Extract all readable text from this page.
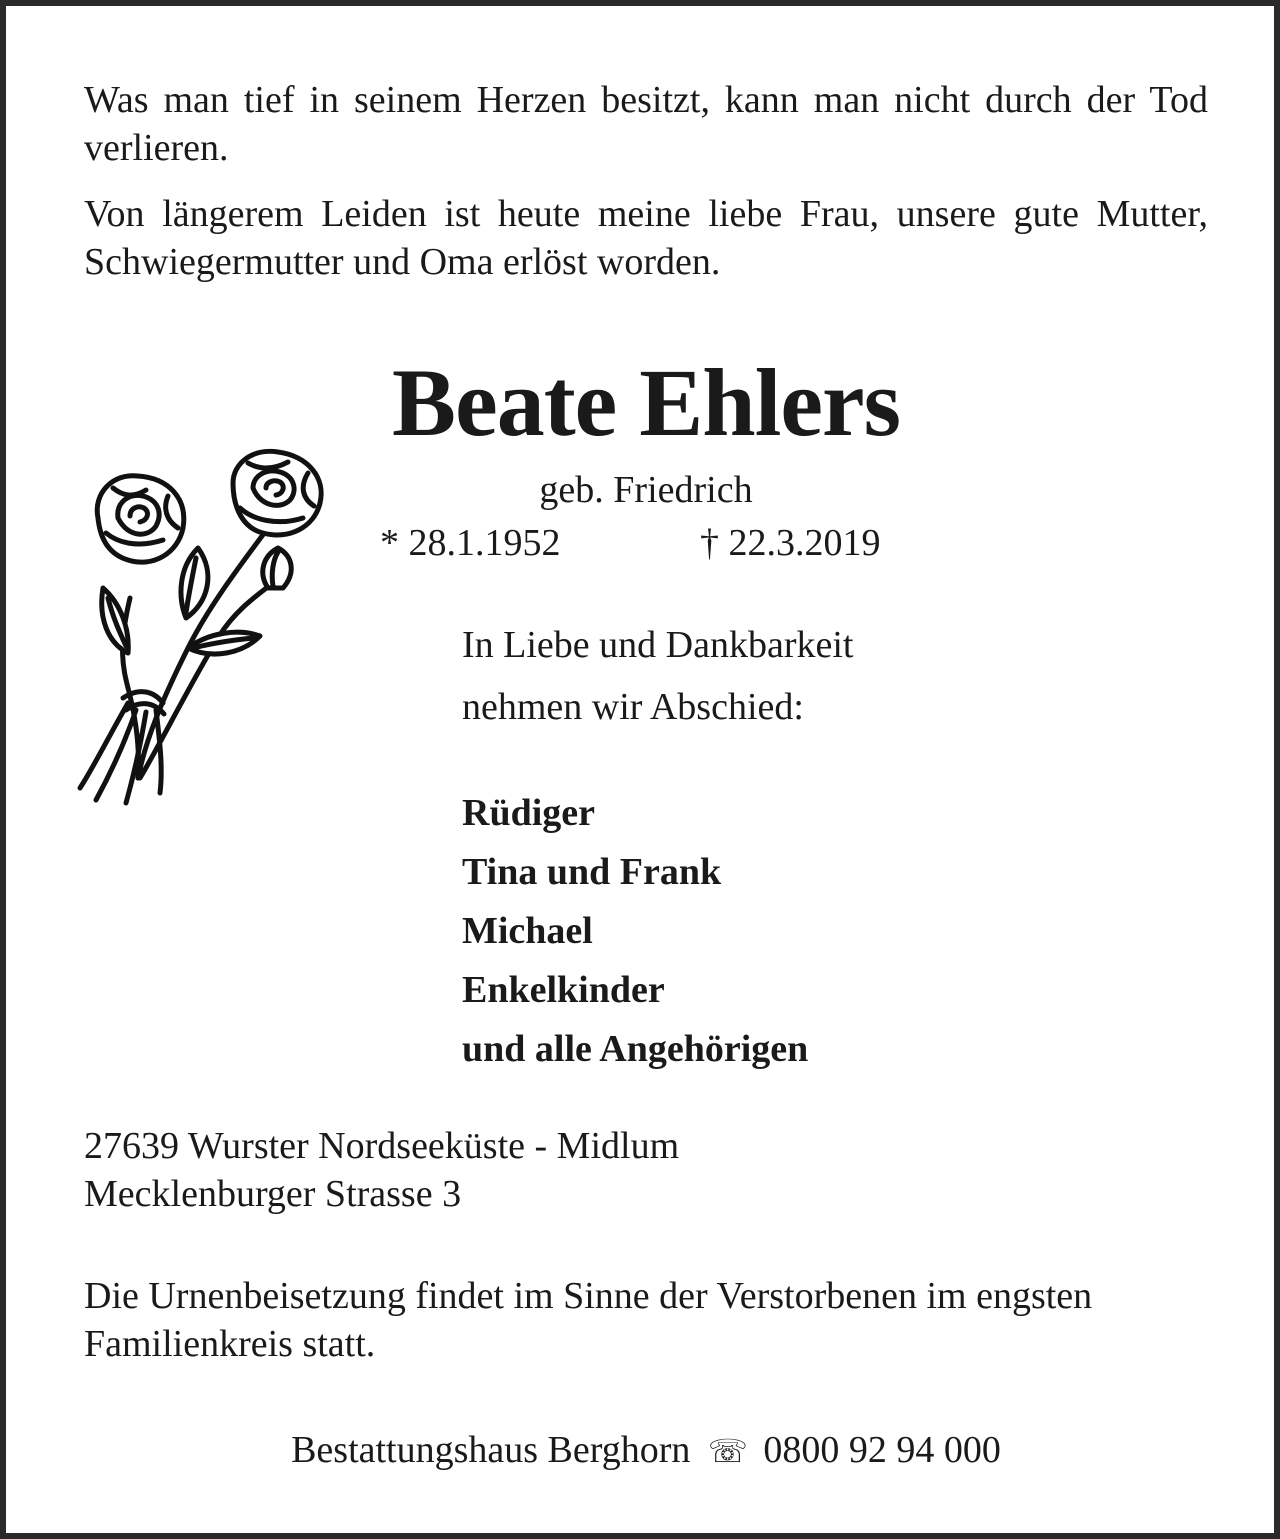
Was man tief in seinem Herzen besitzt, kann man nicht durch der Tod verlieren.

Von längerem Leiden ist heute meine liebe Frau, unsere gute Mutter, Schwiegermutter und Oma erlöst worden.

Beate Ehlers
geb. Friedrich
* 28.1.1952	† 22.3.2019
In Liebe und Dankbarkeit
nehmen wir Abschied:
Rüdiger
Tina und Frank
Michael
Enkelkinder
und alle Angehörigen
27639 Wurster Nordseeküste - Midlum
Mecklenburger Strasse 3

Die Urnenbeisetzung findet im Sinne der Verstorbenen im engsten Familienkreis statt.

Bestattungshaus Berghorn ☏ 0800 92 94 000
